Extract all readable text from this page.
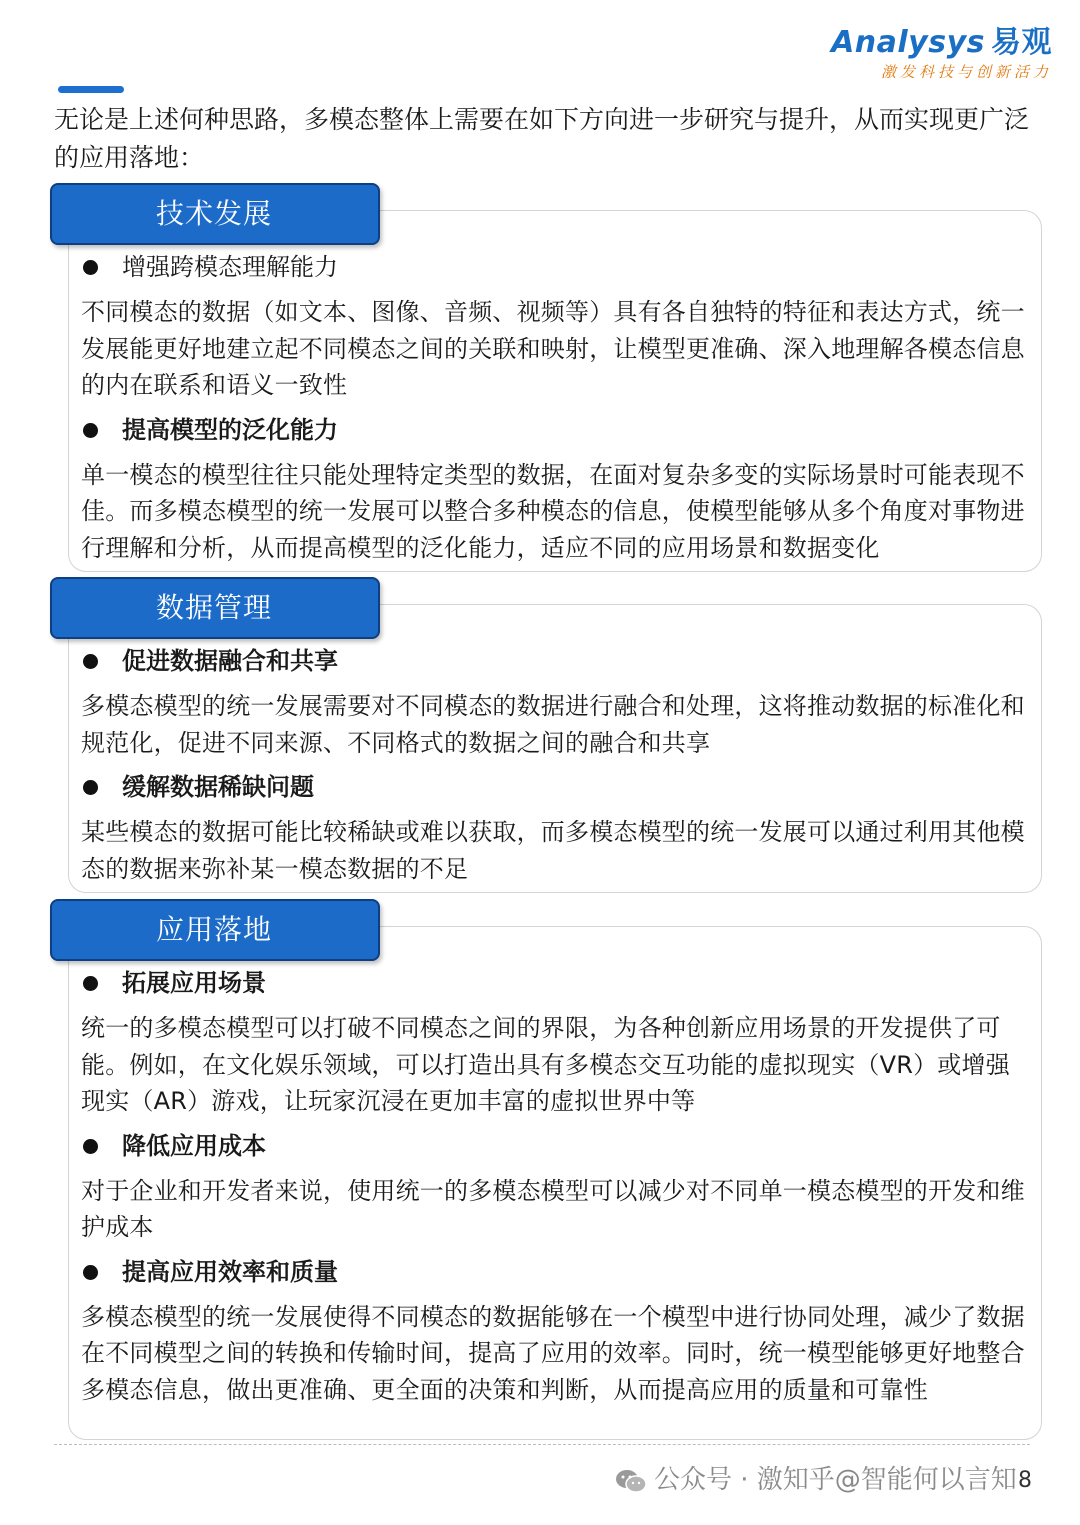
Analysys 易观
激发科技与创新活力
无论是上述何种思路，多模态整体上需要在如下方向进一步研究与提升，从而实现更广泛的应用落地：
技术发展
增强跨模态理解能力
不同模态的数据（如文本、图像、音频、视频等）具有各自独特的特征和表达方式，统一发展能更好地建立起不同模态之间的关联和映射，让模型更准确、深入地理解各模态信息的内在联系和语义一致性
提高模型的泛化能力
单一模态的模型往往只能处理特定类型的数据，在面对复杂多变的实际场景时可能表现不佳。而多模态模型的统一发展可以整合多种模态的信息，使模型能够从多个角度对事物进行理解和分析，从而提高模型的泛化能力，适应不同的应用场景和数据变化
数据管理
促进数据融合和共享
多模态模型的统一发展需要对不同模态的数据进行融合和处理，这将推动数据的标准化和规范化，促进不同来源、不同格式的数据之间的融合和共享
缓解数据稀缺问题
某些模态的数据可能比较稀缺或难以获取，而多模态模型的统一发展可以通过利用其他模态的数据来弥补某一模态数据的不足
应用落地
拓展应用场景
统一的多模态模型可以打破不同模态之间的界限，为各种创新应用场景的开发提供了可能。例如，在文化娱乐领域，可以打造出具有多模态交互功能的虚拟现实（VR）或增强现实（AR）游戏，让玩家沉浸在更加丰富的虚拟世界中等
降低应用成本
对于企业和开发者来说，使用统一的多模态模型可以减少对不同单一模态模型的开发和维护成本
提高应用效率和质量
多模态模型的统一发展使得不同模态的数据能够在一个模型中进行协同处理，减少了数据在不同模型之间的转换和传输时间，提高了应用的效率。同时，统一模型能够更好地整合多模态信息，做出更准确、更全面的决策和判断，从而提高应用的质量和可靠性
公众号 · 激知乎@智能何以言知 8
